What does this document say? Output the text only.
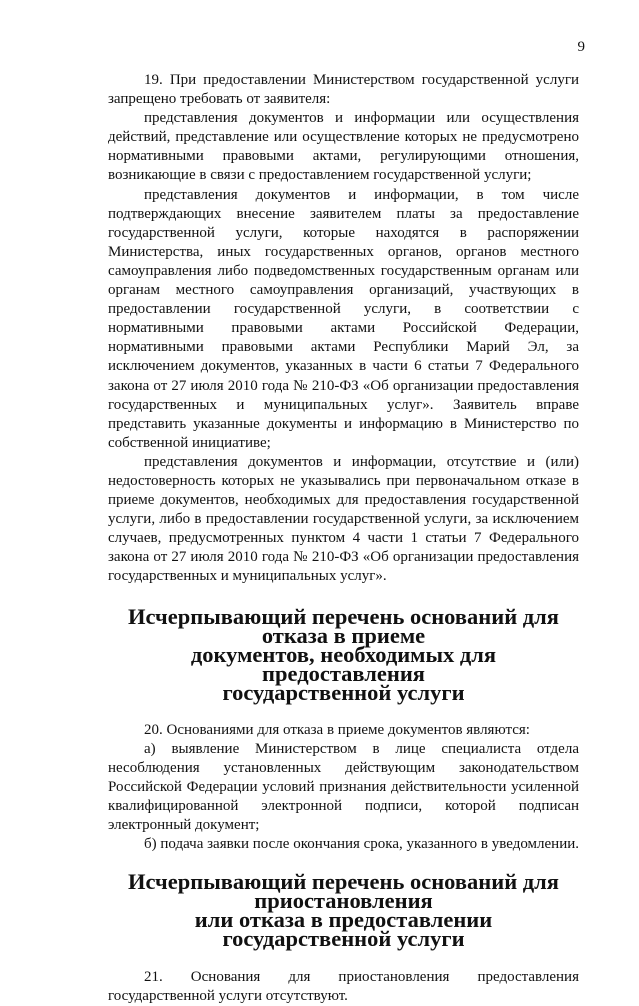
9

19. При предоставлении Министерством государственной услуги запрещено требовать от заявителя:

представления документов и информации или осуществления действий, представление или осуществление которых не предусмотрено нормативными правовыми актами, регулирующими отношения, возникающие в связи с предоставлением государственной услуги;

представления документов и информации, в том числе подтверждающих внесение заявителем платы за предоставление государственной услуги, которые находятся в распоряжении Министерства, иных государственных органов, органов местного самоуправления либо подведомственных государственным органам или органам местного самоуправления организаций, участвующих в предоставлении государственной услуги, в соответствии с нормативными правовыми актами Российской Федерации, нормативными правовыми актами Республики Марий Эл, за исключением документов, указанных в части 6 статьи 7 Федерального закона от 27 июля 2010 года № 210-ФЗ «Об организации предоставления государственных и муниципальных услуг». Заявитель вправе представить указанные документы и информацию в Министерство по собственной инициативе;

представления документов и информации, отсутствие и (или) недостоверность которых не указывались при первоначальном отказе в приеме документов, необходимых для предоставления государственной услуги, либо в предоставлении государственной услуги, за исключением случаев, предусмотренных пунктом 4 части 1 статьи 7 Федерального закона от 27 июля 2010 года № 210-ФЗ «Об организации предоставления государственных и муниципальных услуг».

Исчерпывающий перечень оснований для отказа в приеме
документов, необходимых для предоставления
государственной услуги

20. Основаниями для отказа в приеме документов являются:

а) выявление Министерством в лице специалиста отдела несоблюдения установленных действующим законодательством Российской Федерации условий признания действительности усиленной квалифицированной электронной подписи, которой подписан электронный документ;

б) подача заявки после окончания срока, указанного в уведомлении.

Исчерпывающий перечень оснований для приостановления
или отказа в предоставлении государственной услуги

21. Основания для приостановления предоставления государственной услуги отсутствуют.
